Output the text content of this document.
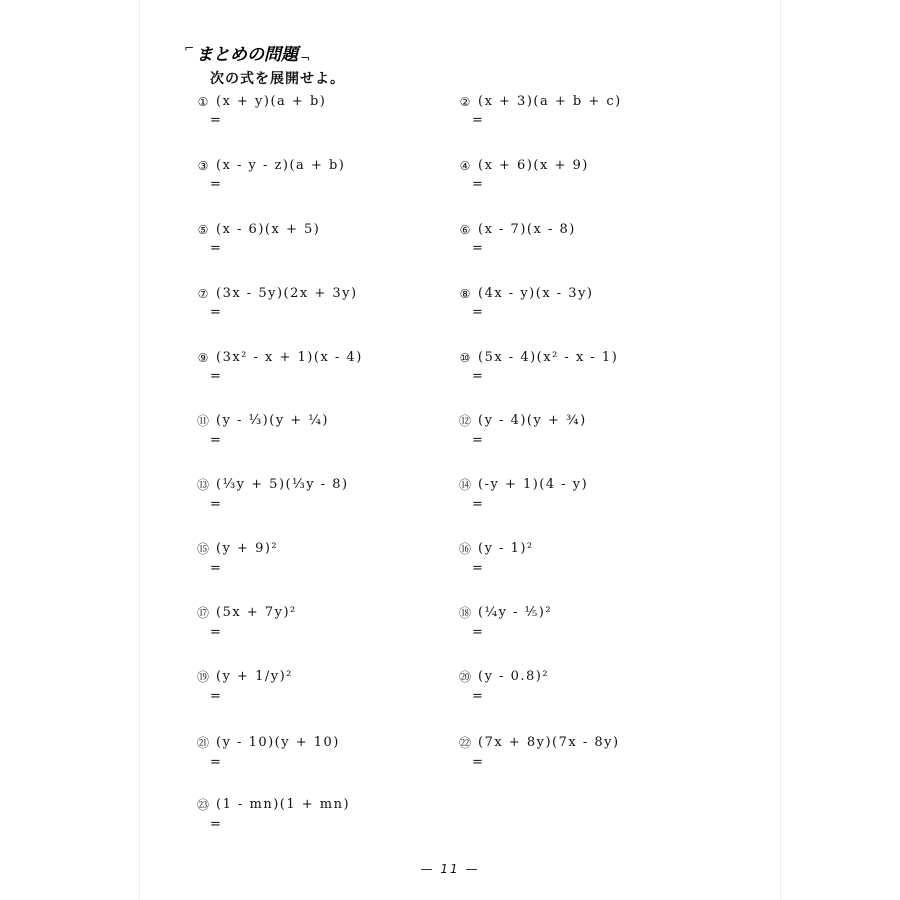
⌐ まとめの問題 ¬
次の式を展開せよ。
① (x + y)(a + b)
=
③ (x - y - z)(a + b)
=
⑤ (x - 6)(x + 5)
=
⑦ (3x - 5y)(2x + 3y)
=
⑨ (3x² - x + 1)(x - 4)
=
⑪ (y - ⅓)(y + ¼)
=
⑬ (⅓y + 5)(⅓y - 8)
=
⑮ (y + 9)²
=
⑰ (5x + 7y)²
=
⑲ (y + 1/y)²
=
㉑ (y - 10)(y + 10)
=
㉓ (1 - mn)(1 + mn)
=
② (x + 3)(a + b + c)
=
④ (x + 6)(x + 9)
=
⑥ (x - 7)(x - 8)
=
⑧ (4x - y)(x - 3y)
=
⑩ (5x - 4)(x² - x - 1)
=
⑫ (y - 4)(y + ¾)
=
⑭ (-y + 1)(4 - y)
=
⑯ (y - 1)²
=
⑱ (¼y - ⅕)²
=
⑳ (y - 0.8)²
=
㉒ (7x + 8y)(7x - 8y)
=
— 11 —
